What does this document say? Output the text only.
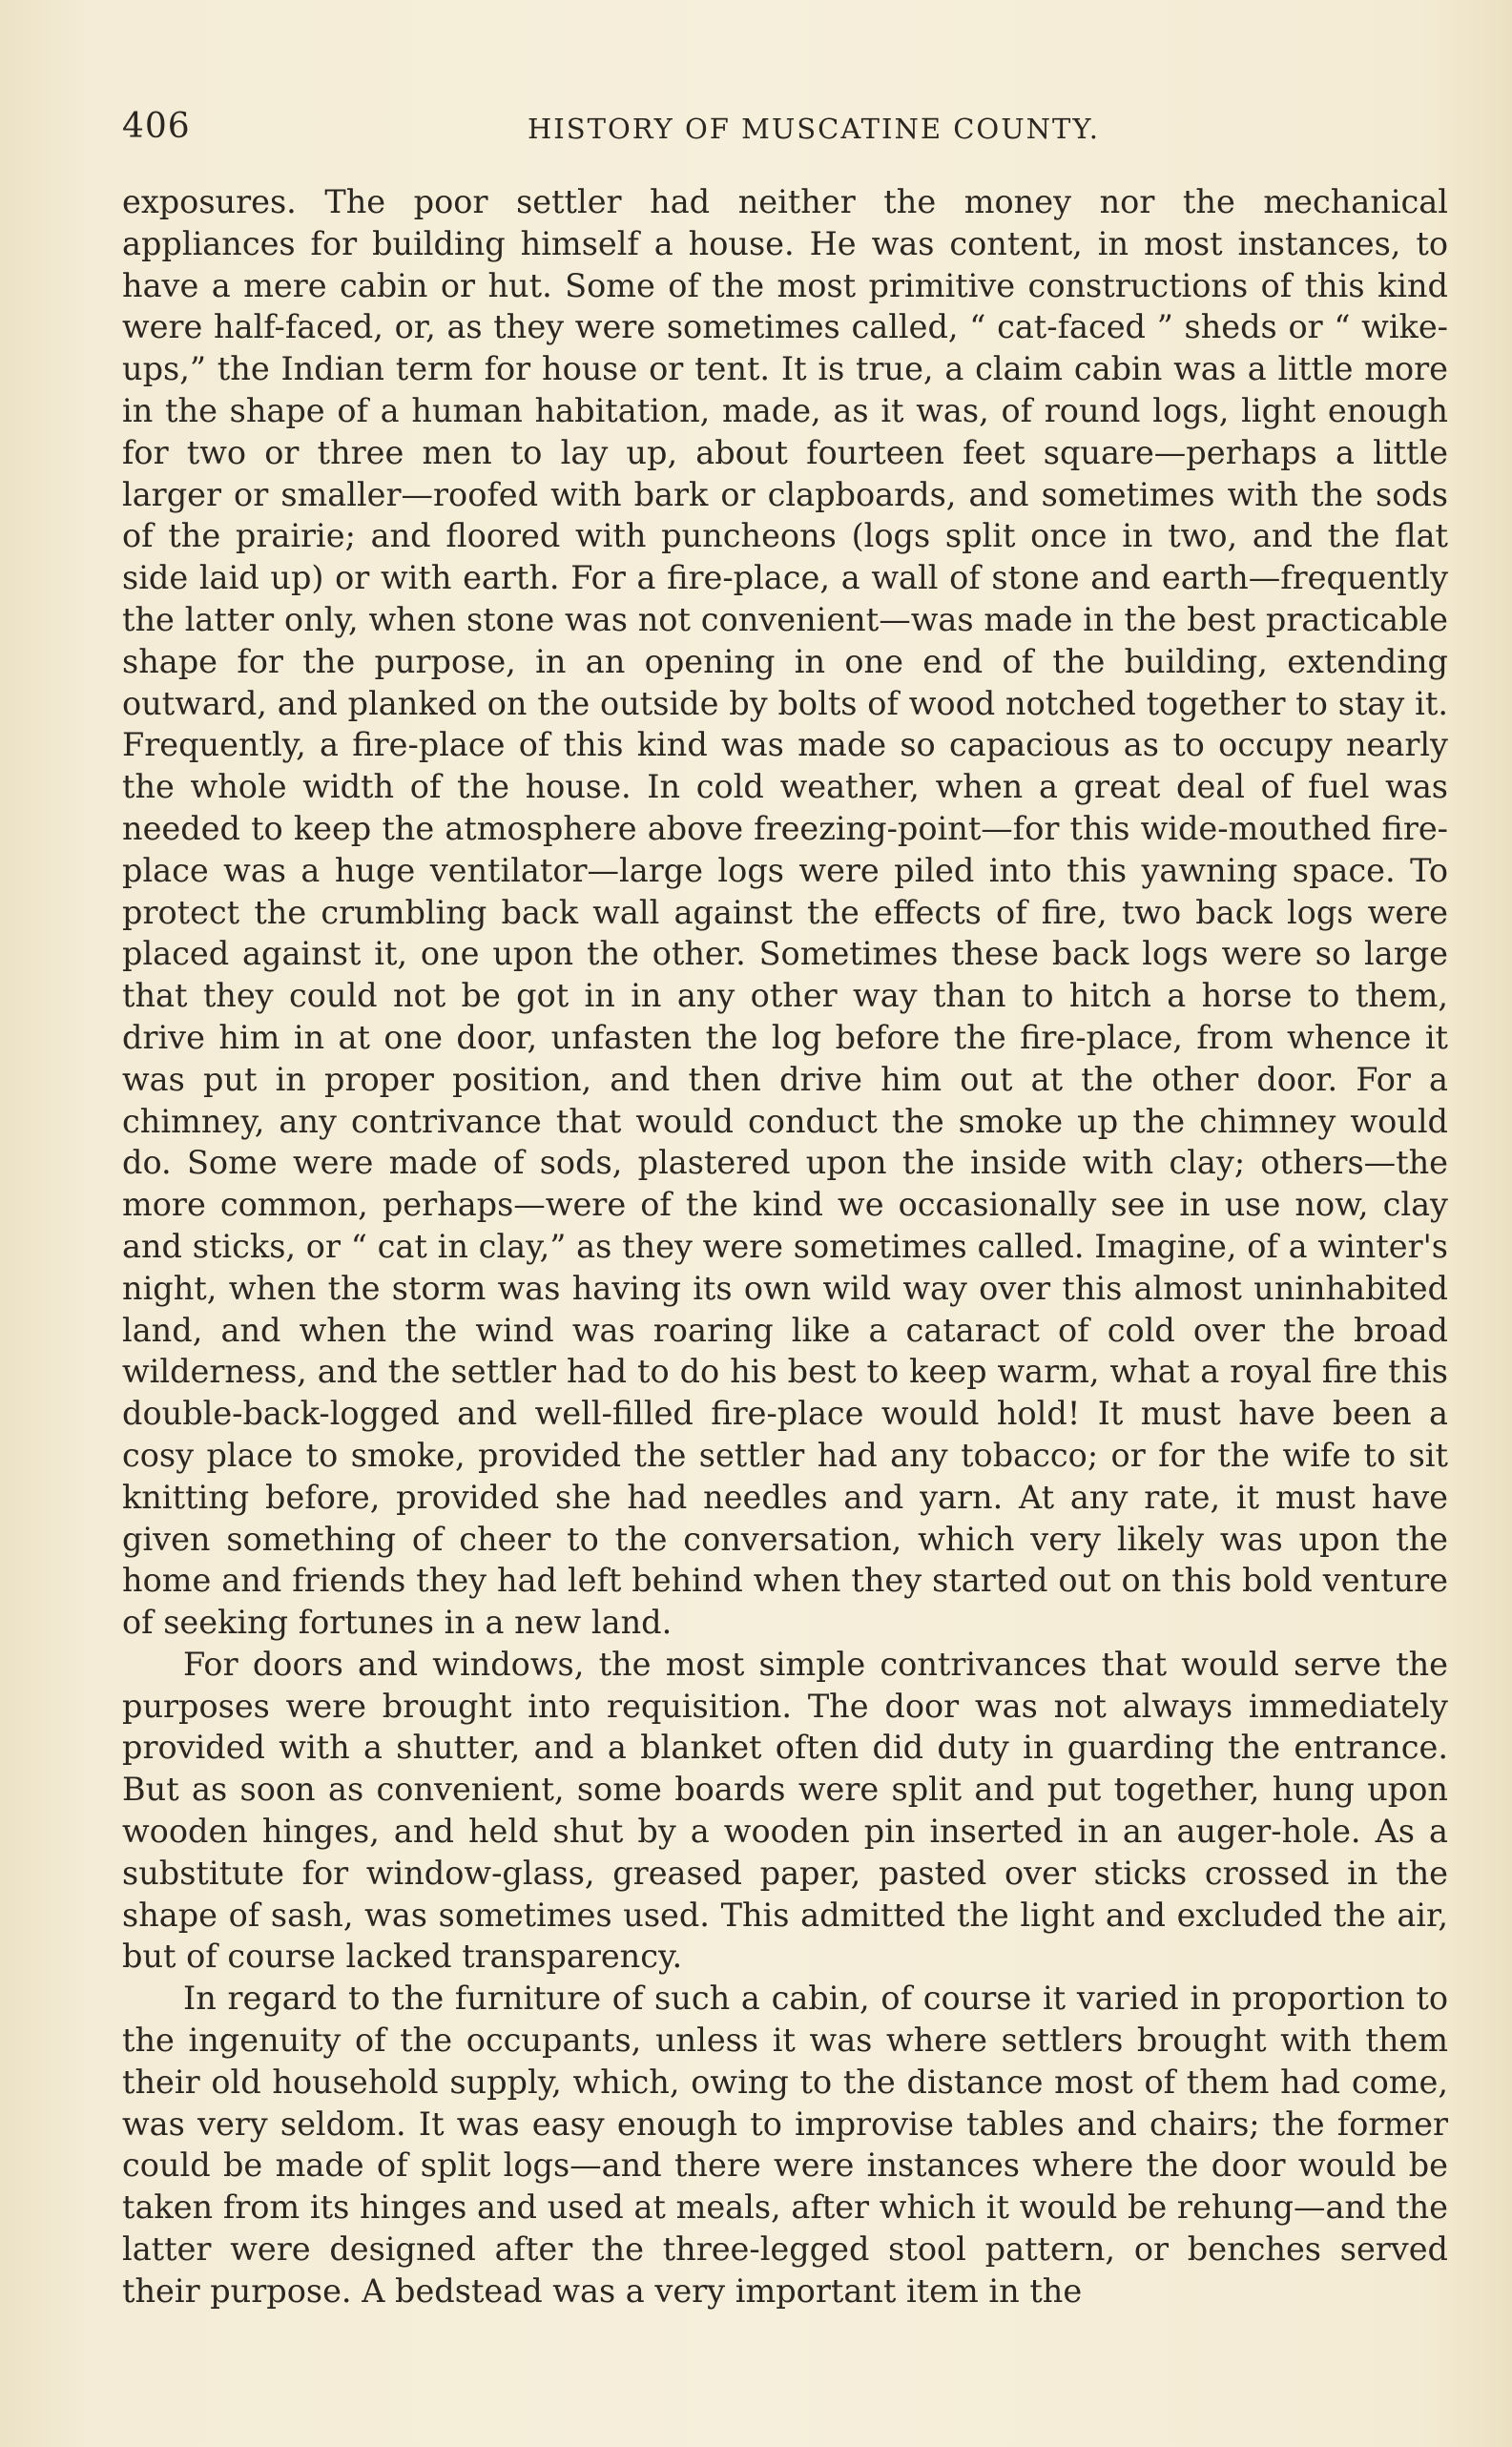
406	HISTORY OF MUSCATINE COUNTY.

exposures. The poor settler had neither the money nor the mechanical appliances for building himself a house. He was content, in most instances, to have a mere cabin or hut. Some of the most primitive constructions of this kind were half-faced, or, as they were sometimes called, “ cat-faced ” sheds or “ wike-ups,” the Indian term for house or tent. It is true, a claim cabin was a little more in the shape of a human habitation, made, as it was, of round logs, light enough for two or three men to lay up, about fourteen feet square—perhaps a little larger or smaller—roofed with bark or clapboards, and sometimes with the sods of the prairie; and floored with puncheons (logs split once in two, and the flat side laid up) or with earth. For a fire-place, a wall of stone and earth—frequently the latter only, when stone was not convenient—was made in the best practicable shape for the purpose, in an opening in one end of the building, extending outward, and planked on the outside by bolts of wood notched together to stay it. Frequently, a fire-place of this kind was made so capacious as to occupy nearly the whole width of the house. In cold weather, when a great deal of fuel was needed to keep the atmosphere above freezing-point—for this wide-mouthed fire-place was a huge ventilator—large logs were piled into this yawning space. To protect the crumbling back wall against the effects of fire, two back logs were placed against it, one upon the other. Sometimes these back logs were so large that they could not be got in in any other way than to hitch a horse to them, drive him in at one door, unfasten the log before the fire-place, from whence it was put in proper position, and then drive him out at the other door. For a chimney, any contrivance that would conduct the smoke up the chimney would do. Some were made of sods, plastered upon the inside with clay; others—the more common, perhaps—were of the kind we occasionally see in use now, clay and sticks, or “ cat in clay,” as they were sometimes called. Imagine, of a winter's night, when the storm was having its own wild way over this almost uninhabited land, and when the wind was roaring like a cataract of cold over the broad wilderness, and the settler had to do his best to keep warm, what a royal fire this double-back-logged and well-filled fire-place would hold! It must have been a cosy place to smoke, provided the settler had any tobacco; or for the wife to sit knitting before, provided she had needles and yarn. At any rate, it must have given something of cheer to the conversation, which very likely was upon the home and friends they had left behind when they started out on this bold venture of seeking fortunes in a new land.

For doors and windows, the most simple contrivances that would serve the purposes were brought into requisition. The door was not always immediately provided with a shutter, and a blanket often did duty in guarding the entrance. But as soon as convenient, some boards were split and put together, hung upon wooden hinges, and held shut by a wooden pin inserted in an auger-hole. As a substitute for window-glass, greased paper, pasted over sticks crossed in the shape of sash, was sometimes used. This admitted the light and excluded the air, but of course lacked transparency.

In regard to the furniture of such a cabin, of course it varied in proportion to the ingenuity of the occupants, unless it was where settlers brought with them their old household supply, which, owing to the distance most of them had come, was very seldom. It was easy enough to improvise tables and chairs; the former could be made of split logs—and there were instances where the door would be taken from its hinges and used at meals, after which it would be rehung—and the latter were designed after the three-legged stool pattern, or benches served their purpose. A bedstead was a very important item in the
